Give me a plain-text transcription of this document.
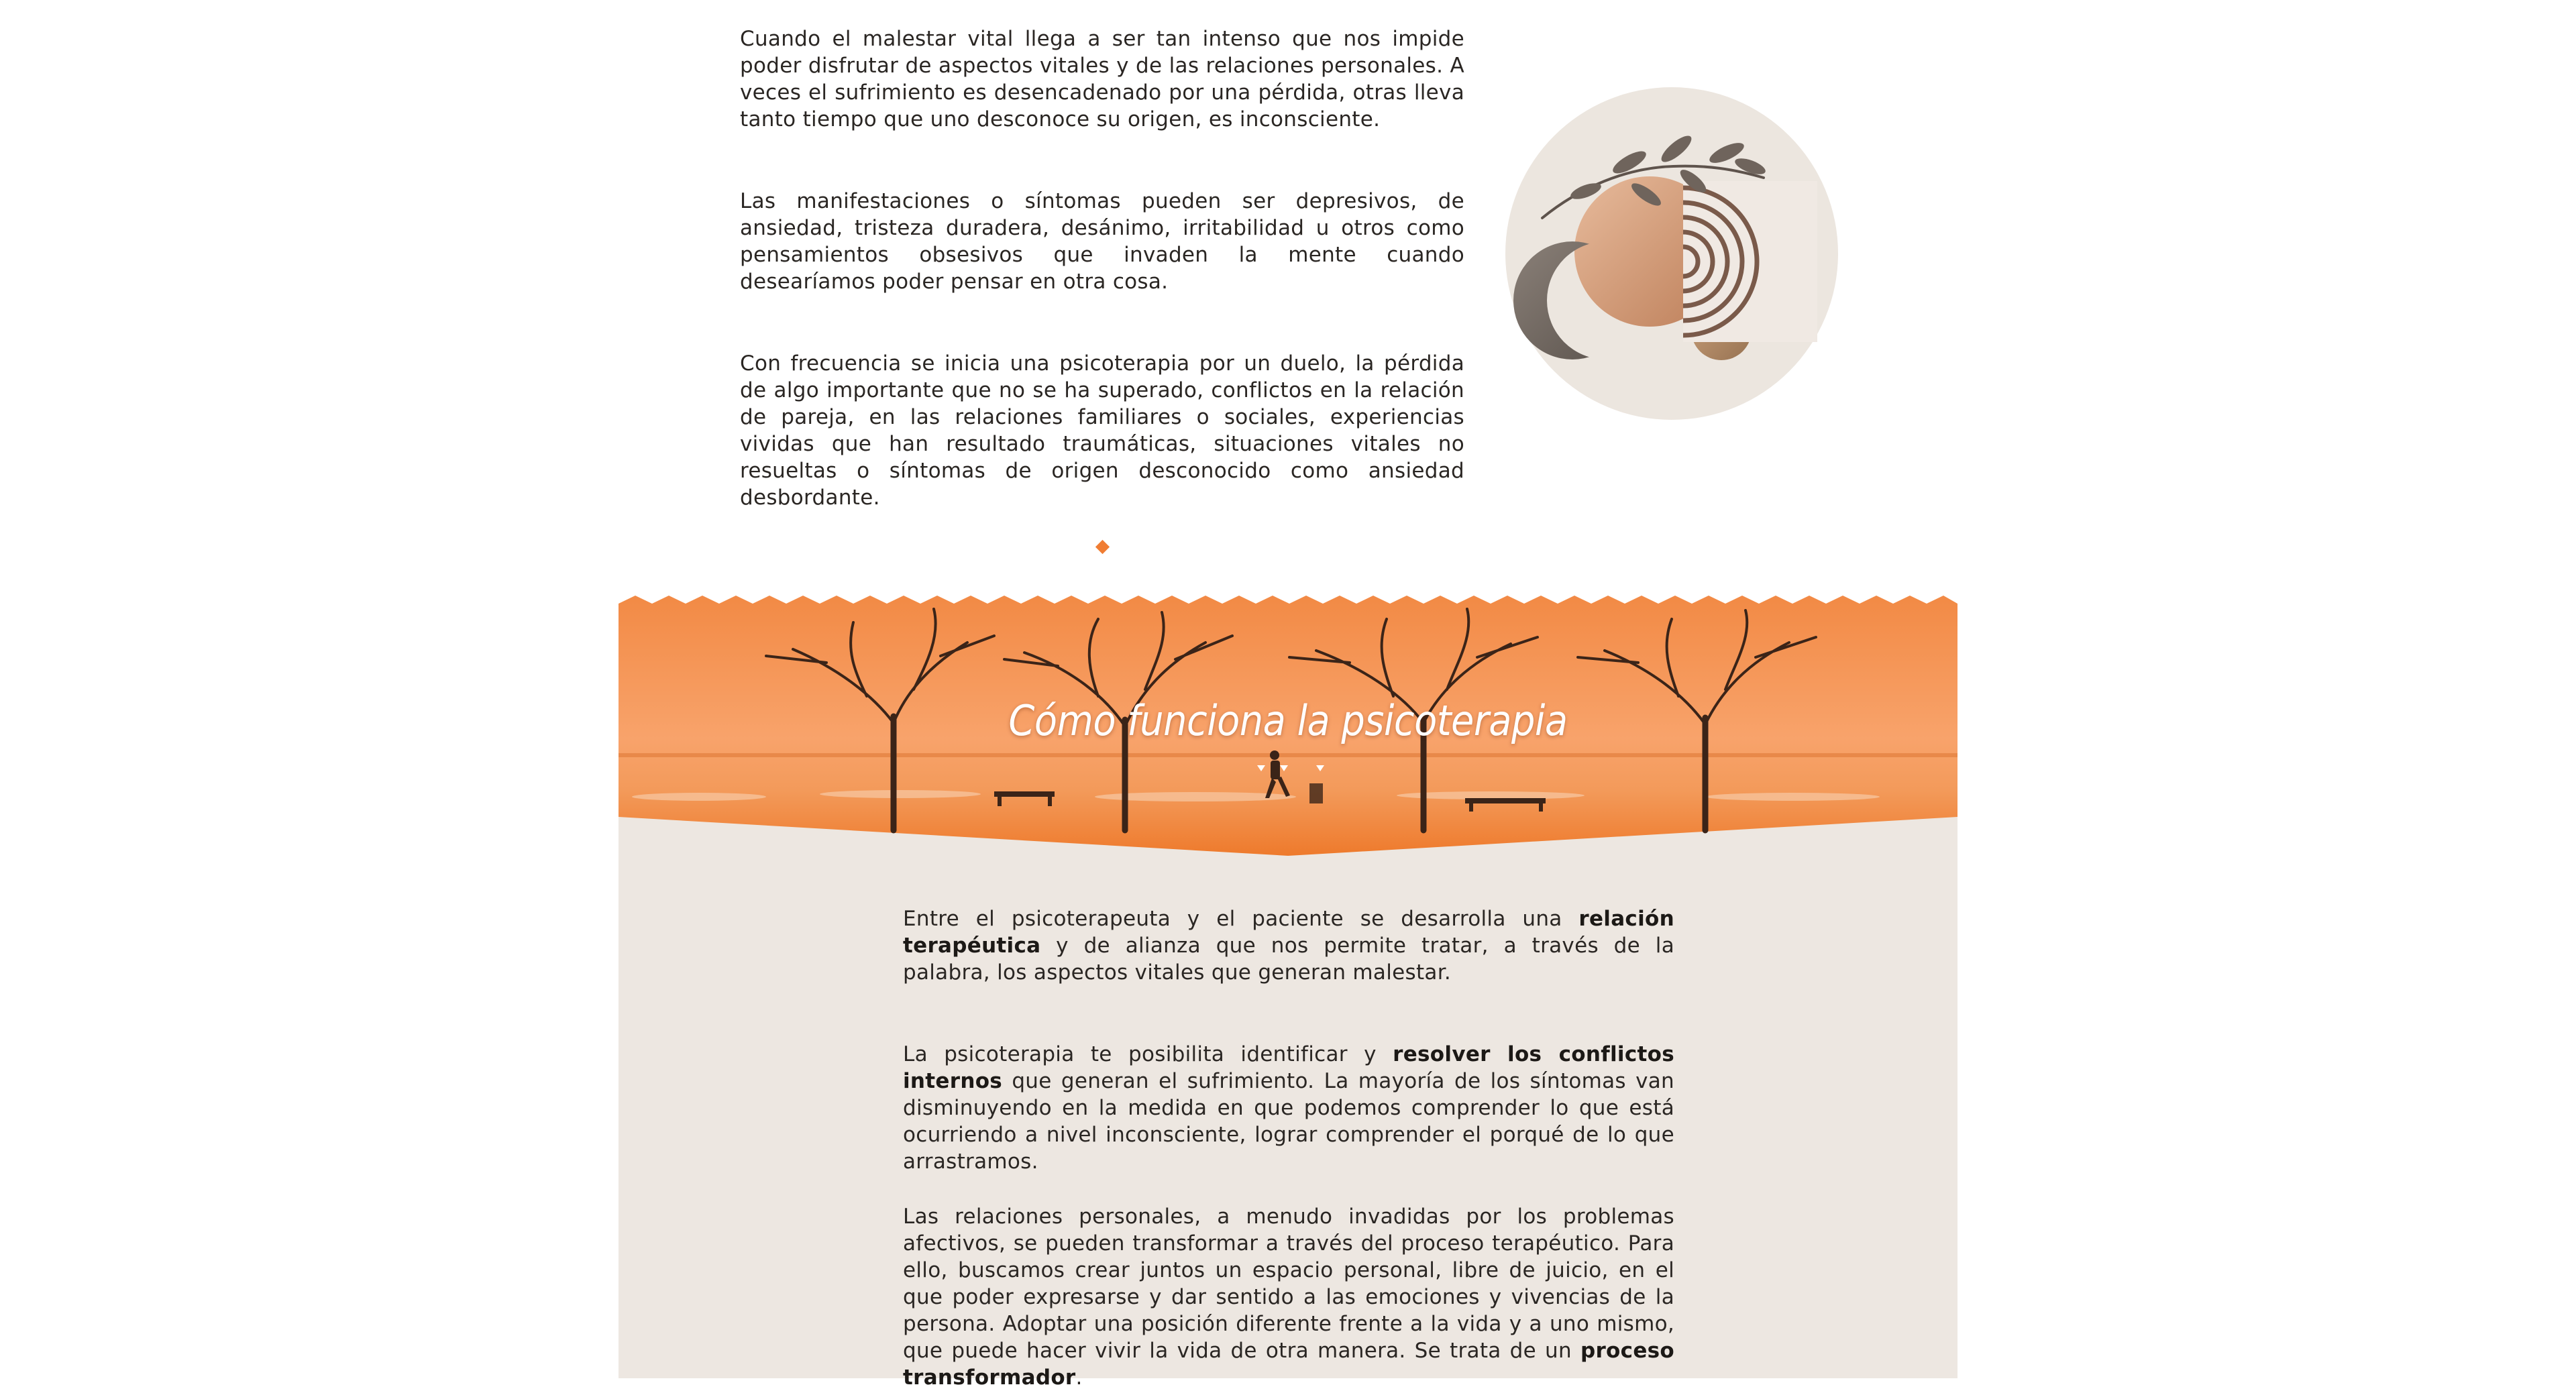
Cuando el malestar vital llega a ser tan intenso que nos impide poder disfrutar de aspectos vitales y de las relaciones personales. A veces el sufrimiento es desencadenado por una pérdida, otras lleva tanto tiempo que uno desconoce su origen, es inconsciente.

Las manifestaciones o síntomas pueden ser depresivos, de ansiedad, tristeza duradera, desánimo, irritabilidad u otros como pensamientos obsesivos que invaden la mente cuando desearíamos poder pensar en otra cosa.

Con frecuencia se inicia una psicoterapia por un duelo, la pérdida de algo importante que no se ha superado, conflictos en la relación de pareja, en las relaciones familiares o sociales, experiencias vividas que han resultado traumáticas, situaciones vitales no resueltas o síntomas de origen desconocido como ansiedad desbordante.

Cómo funciona la psicoterapia

Entre el psicoterapeuta y el paciente se desarrolla una relación terapéutica y de alianza que nos permite tratar, a través de la palabra, los aspectos vitales que generan malestar.

La psicoterapia te posibilita identificar y resolver los conflictos internos que generan el sufrimiento. La mayoría de los síntomas van disminuyendo en la medida en que podemos comprender lo que está ocurriendo a nivel inconsciente, lograr comprender el porqué de lo que arrastramos.

Las relaciones personales, a menudo invadidas por los problemas afectivos, se pueden transformar a través del proceso terapéutico. Para ello, buscamos crear juntos un espacio personal, libre de juicio, en el que poder expresarse y dar sentido a las emociones y vivencias de la persona. Adoptar una posición diferente frente a la vida y a uno mismo, que puede hacer vivir la vida de otra manera. Se trata de un proceso transformador.
